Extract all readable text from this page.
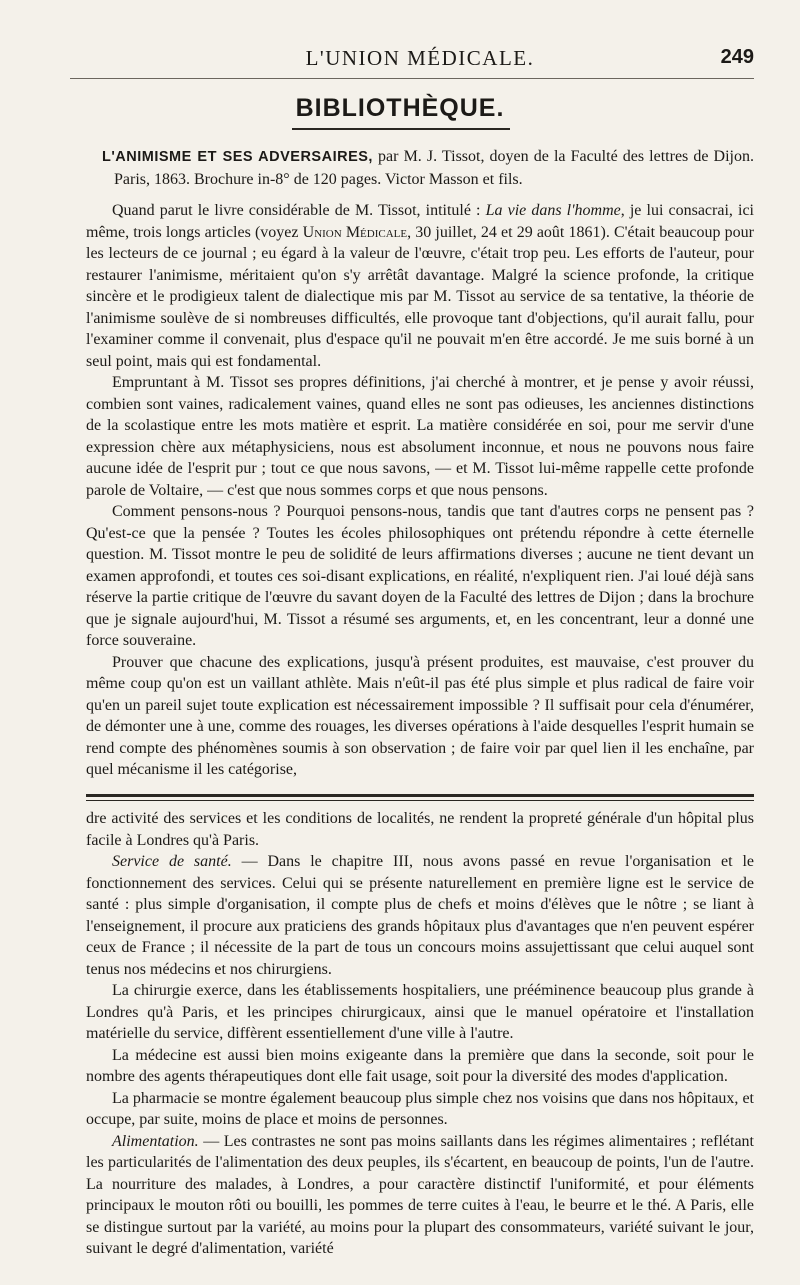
L'UNION MÉDICALE.	249
BIBLIOTHÈQUE.

L'ANIMISME ET SES ADVERSAIRES, par M. J. Tissot, doyen de la Faculté des lettres de Dijon. Paris, 1863. Brochure in-8° de 120 pages. Victor Masson et fils.

Quand parut le livre considérable de M. Tissot, intitulé : La vie dans l'homme, je lui consacrai, ici même, trois longs articles (voyez Union Médicale, 30 juillet, 24 et 29 août 1861). C'était beaucoup pour les lecteurs de ce journal ; eu égard à la valeur de l'œuvre, c'était trop peu. Les efforts de l'auteur, pour restaurer l'animisme, méritaient qu'on s'y arrêtât davantage. Malgré la science profonde, la critique sincère et le prodigieux talent de dialectique mis par M. Tissot au service de sa tentative, la théorie de l'animisme soulève de si nombreuses difficultés, elle provoque tant d'objections, qu'il aurait fallu, pour l'examiner comme il convenait, plus d'espace qu'il ne pouvait m'en être accordé. Je me suis borné à un seul point, mais qui est fondamental.

Empruntant à M. Tissot ses propres définitions, j'ai cherché à montrer, et je pense y avoir réussi, combien sont vaines, radicalement vaines, quand elles ne sont pas odieuses, les anciennes distinctions de la scolastique entre les mots matière et esprit. La matière considérée en soi, pour me servir d'une expression chère aux métaphysiciens, nous est absolument inconnue, et nous ne pouvons nous faire aucune idée de l'esprit pur ; tout ce que nous savons, — et M. Tissot lui-même rappelle cette profonde parole de Voltaire, — c'est que nous sommes corps et que nous pensons.

Comment pensons-nous ? Pourquoi pensons-nous, tandis que tant d'autres corps ne pensent pas ? Qu'est-ce que la pensée ? Toutes les écoles philosophiques ont prétendu répondre à cette éternelle question. M. Tissot montre le peu de solidité de leurs affirmations diverses ; aucune ne tient devant un examen approfondi, et toutes ces soi-disant explications, en réalité, n'expliquent rien. J'ai loué déjà sans réserve la partie critique de l'œuvre du savant doyen de la Faculté des lettres de Dijon ; dans la brochure que je signale aujourd'hui, M. Tissot a résumé ses arguments, et, en les concentrant, leur a donné une force souveraine.

Prouver que chacune des explications, jusqu'à présent produites, est mauvaise, c'est prouver du même coup qu'on est un vaillant athlète. Mais n'eût-il pas été plus simple et plus radical de faire voir qu'en un pareil sujet toute explication est nécessairement impossible ? Il suffisait pour cela d'énumérer, de démonter une à une, comme des rouages, les diverses opérations à l'aide desquelles l'esprit humain se rend compte des phénomènes soumis à son observation ; de faire voir par quel lien il les enchaîne, par quel mécanisme il les catégorise,

dre activité des services et les conditions de localités, ne rendent la propreté générale d'un hôpital plus facile à Londres qu'à Paris.

Service de santé. — Dans le chapitre III, nous avons passé en revue l'organisation et le fonctionnement des services. Celui qui se présente naturellement en première ligne est le service de santé : plus simple d'organisation, il compte plus de chefs et moins d'élèves que le nôtre ; se liant à l'enseignement, il procure aux praticiens des grands hôpitaux plus d'avantages que n'en peuvent espérer ceux de France ; il nécessite de la part de tous un concours moins assujettissant que celui auquel sont tenus nos médecins et nos chirurgiens.

La chirurgie exerce, dans les établissements hospitaliers, une prééminence beaucoup plus grande à Londres qu'à Paris, et les principes chirurgicaux, ainsi que le manuel opératoire et l'installation matérielle du service, diffèrent essentiellement d'une ville à l'autre.

La médecine est aussi bien moins exigeante dans la première que dans la seconde, soit pour le nombre des agents thérapeutiques dont elle fait usage, soit pour la diversité des modes d'application.

La pharmacie se montre également beaucoup plus simple chez nos voisins que dans nos hôpitaux, et occupe, par suite, moins de place et moins de personnes.

Alimentation. — Les contrastes ne sont pas moins saillants dans les régimes alimentaires ; reflétant les particularités de l'alimentation des deux peuples, ils s'écartent, en beaucoup de points, l'un de l'autre. La nourriture des malades, à Londres, a pour caractère distinctif l'uniformité, et pour éléments principaux le mouton rôti ou bouilli, les pommes de terre cuites à l'eau, le beurre et le thé. A Paris, elle se distingue surtout par la variété, au moins pour la plupart des consommateurs, variété suivant le jour, suivant le degré d'alimentation, variété
